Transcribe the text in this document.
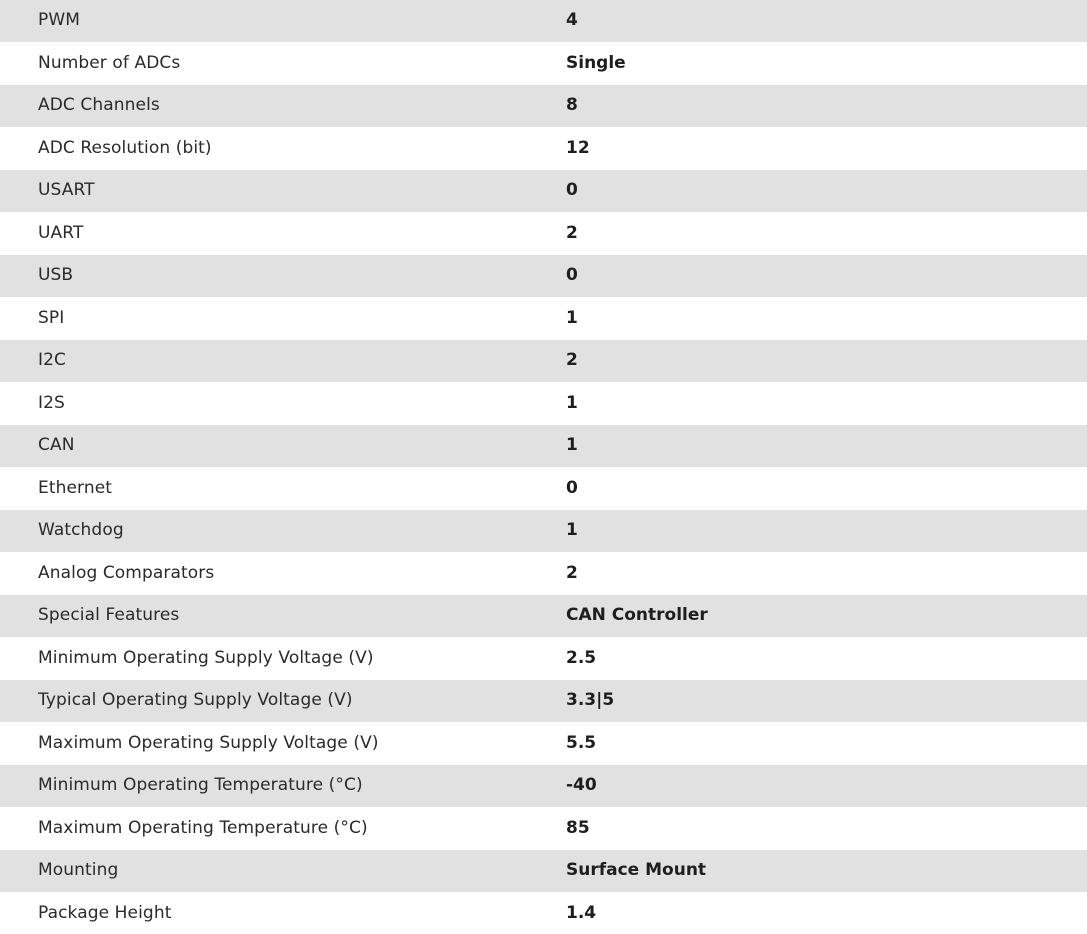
PWM	4
Number of ADCs	Single
ADC Channels	8
ADC Resolution (bit)	12
USART	0
UART	2
USB	0
SPI	1
I2C	2
I2S	1
CAN	1
Ethernet	0
Watchdog	1
Analog Comparators	2
Special Features	CAN Controller
Minimum Operating Supply Voltage (V)	2.5
Typical Operating Supply Voltage (V)	3.3|5
Maximum Operating Supply Voltage (V)	5.5
Minimum Operating Temperature (°C)	-40
Maximum Operating Temperature (°C)	85
Mounting	Surface Mount
Package Height	1.4
